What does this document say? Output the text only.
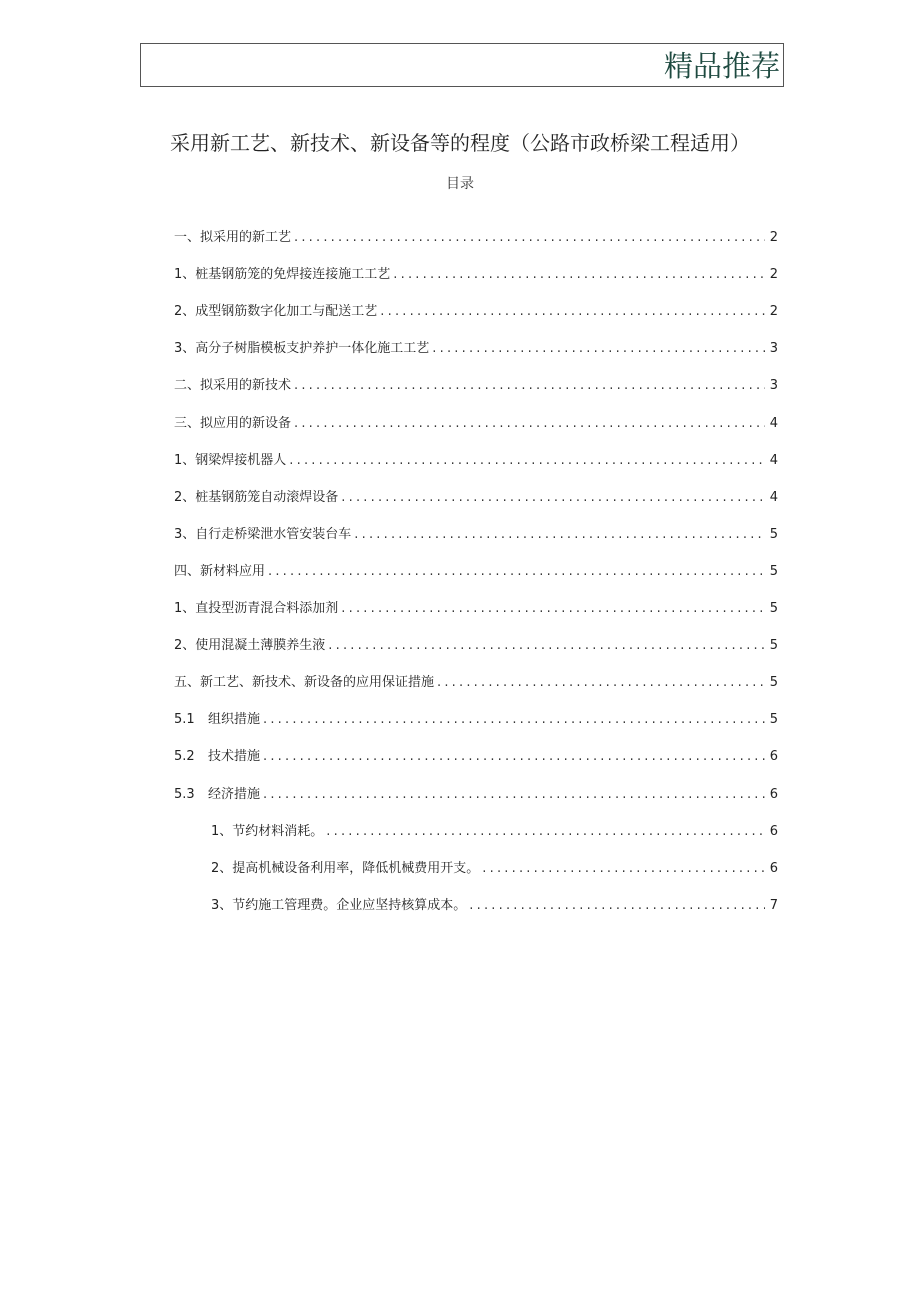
精品推荐
采用新工艺、新技术、新设备等的程度（公路市政桥梁工程适用）
目录
一、拟采用的新工艺 .....	2
1、桩基钢筋笼的免焊接连接施工工艺 .....	2
2、成型钢筋数字化加工与配送工艺 .....	2
3、高分子树脂模板支护养护一体化施工工艺 .....	3
二、拟采用的新技术 .....	3
三、拟应用的新设备 .....	4
1、钢梁焊接机器人 .....	4
2、桩基钢筋笼自动滚焊设备 .....	4
3、自行走桥梁泄水管安装台车 .....	5
四、新材料应用 .....	5
1、直投型沥青混合料添加剂 .....	5
2、使用混凝土薄膜养生液 .....	5
五、新工艺、新技术、新设备的应用保证措施 .....	5
5.1	组织措施 .....	5
5.2	技术措施 .....	6
5.3	经济措施 .....	6
1、节约材料消耗。 .....	6
2、提高机械设备利用率，降低机械费用开支。 .....	6
3、节约施工管理费。企业应坚持核算成本。 .....	7
